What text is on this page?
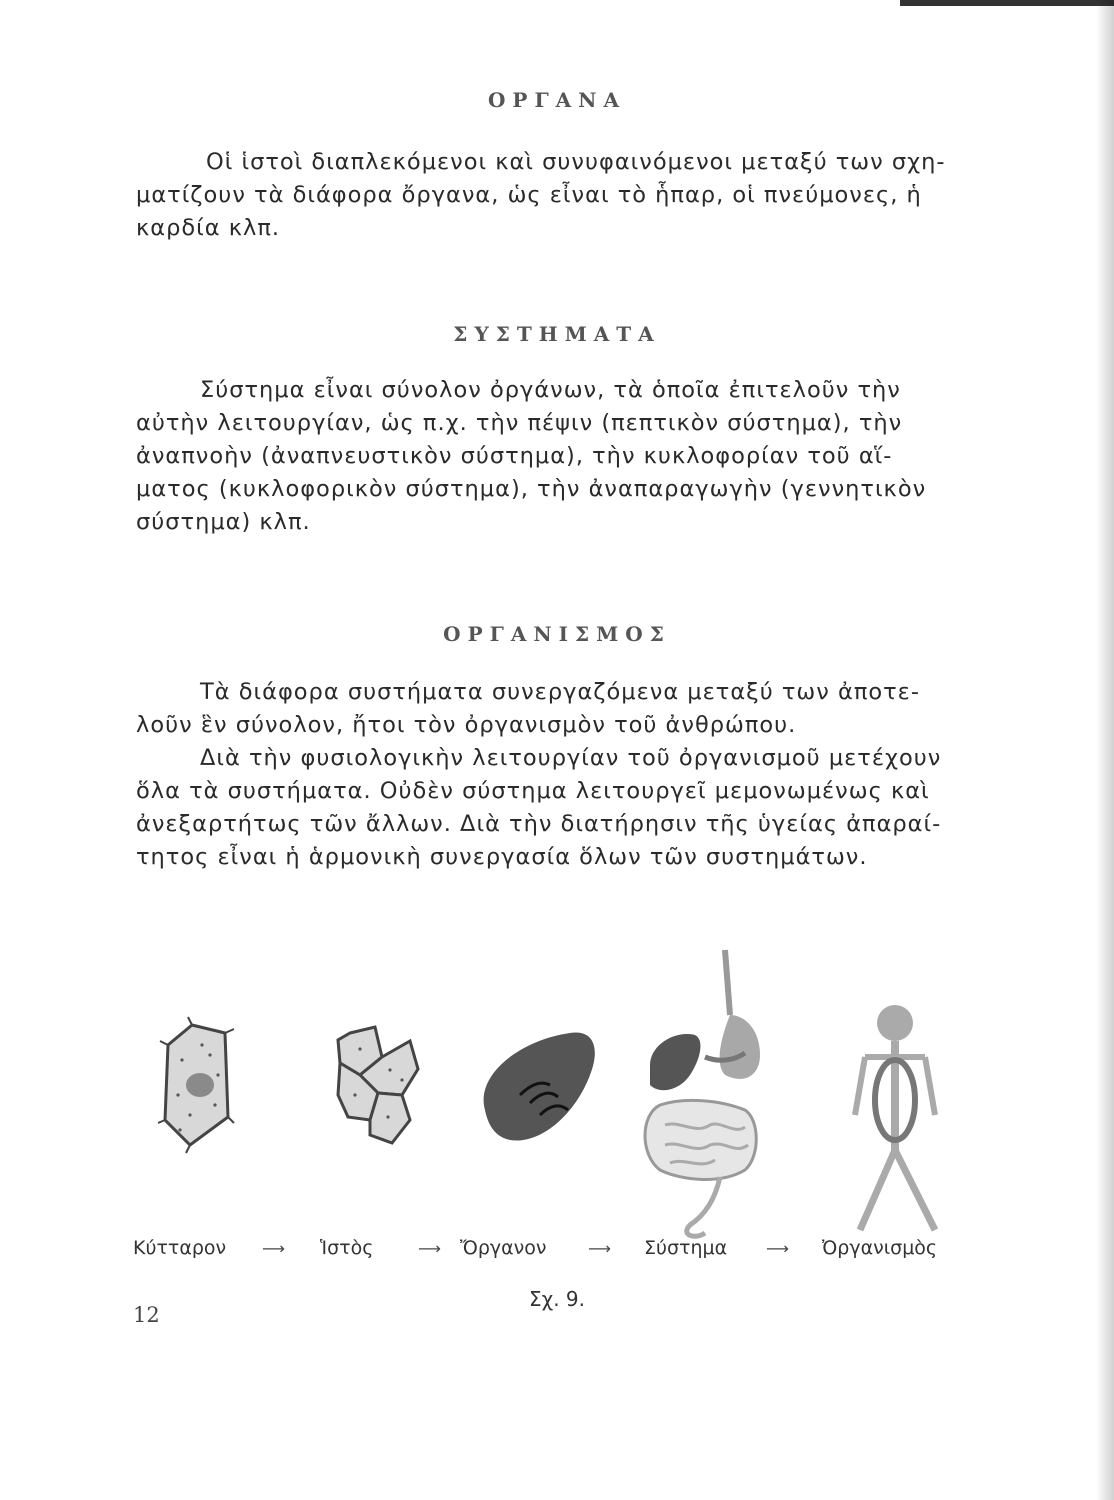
ΟΡΓΑΝΑ
Οἱ ἱστοὶ διαπλεκόμενοι καὶ συνυφαινόμενοι μεταξύ των σχη-
ματίζουν τὰ διάφορα ὄργανα, ὡς εἶναι τὸ ἧπαρ, οἱ πνεύμονες, ἡ
καρδία κλπ.
ΣΥΣΤΗΜΑΤΑ
Σύστημα εἶναι σύνολον ὀργάνων, τὰ ὁποῖα ἐπιτελοῦν τὴν
αὐτὴν λειτουργίαν, ὡς π.χ. τὴν πέψιν (πεπτικὸν σύστημα), τὴν
ἀναπνοὴν (ἀναπνευστικὸν σύστημα), τὴν κυκλοφορίαν τοῦ αἵ-
ματος (κυκλοφορικὸν σύστημα), τὴν ἀναπαραγωγὴν (γεννητικὸν
σύστημα) κλπ.
ΟΡΓΑΝΙΣΜΟΣ
Τὰ διάφορα συστήματα συνεργαζόμενα μεταξύ των ἀποτε-
λοῦν ἓν σύνολον, ἤτοι τὸν ὀργανισμὸν τοῦ ἀνθρώπου.
Διὰ τὴν φυσιολογικὴν λειτουργίαν τοῦ ὀργανισμοῦ μετέχουν
ὅλα τὰ συστήματα. Οὐδὲν σύστημα λειτουργεῖ μεμονωμένως καὶ
ἀνεξαρτήτως τῶν ἄλλων. Διὰ τὴν διατήρησιν τῆς ὑγείας ἀπαραί-
τητος εἶναι ἡ ἁρμονικὴ συνεργασία ὅλων τῶν συστημάτων.
Κύτταρον ⟶ Ἱστὸς	⟶ Ὄργανον	⟶ Σύστημα ⟶ Ὀργανισμὸς
Σχ. 9.
12
